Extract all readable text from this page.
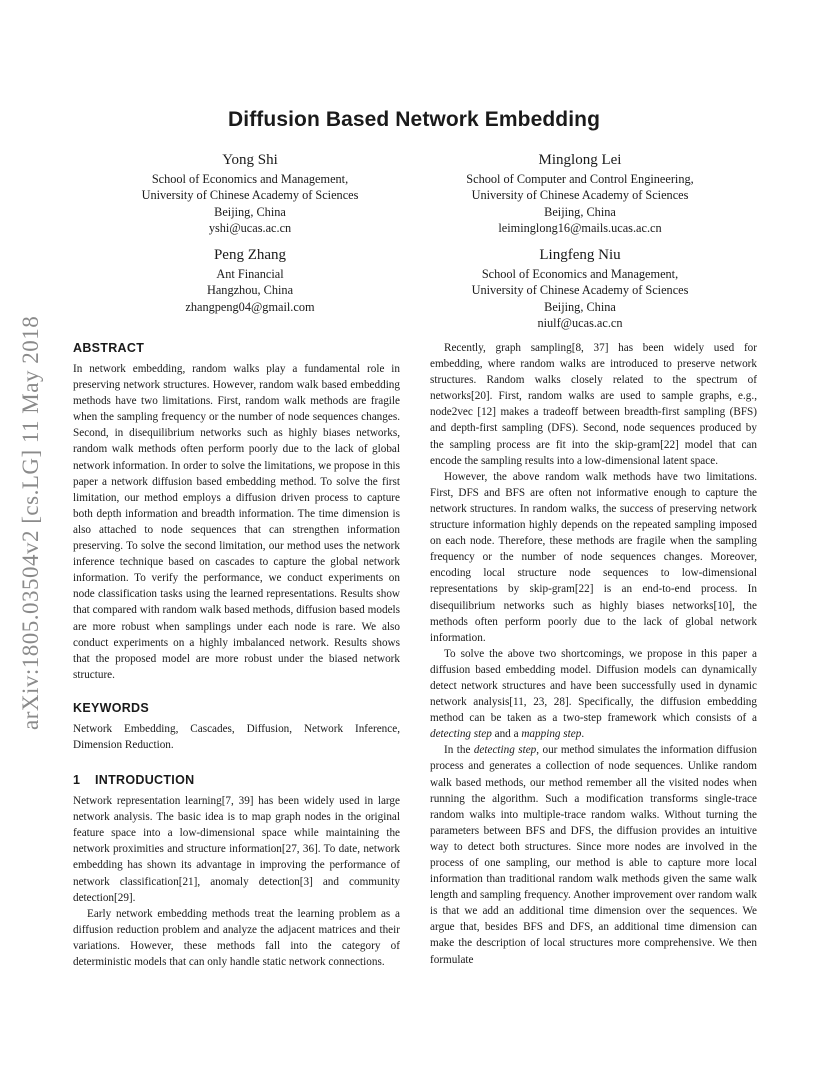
arXiv:1805.03504v2 [cs.LG] 11 May 2018
Diffusion Based Network Embedding
Yong Shi
School of Economics and Management,
University of Chinese Academy of Sciences
Beijing, China
yshi@ucas.ac.cn
Minglong Lei
School of Computer and Control Engineering,
University of Chinese Academy of Sciences
Beijing, China
leiminglong16@mails.ucas.ac.cn
Peng Zhang
Ant Financial
Hangzhou, China
zhangpeng04@gmail.com
Lingfeng Niu
School of Economics and Management,
University of Chinese Academy of Sciences
Beijing, China
niulf@ucas.ac.cn
ABSTRACT

In network embedding, random walks play a fundamental role in preserving network structures. However, random walk based embedding methods have two limitations. First, random walk methods are fragile when the sampling frequency or the number of node sequences changes. Second, in disequilibrium networks such as highly biases networks, random walk methods often perform poorly due to the lack of global network information. In order to solve the limitations, we propose in this paper a network diffusion based embedding method. To solve the first limitation, our method employs a diffusion driven process to capture both depth information and breadth information. The time dimension is also attached to node sequences that can strengthen information preserving. To solve the second limitation, our method uses the network inference technique based on cascades to capture the global network information. To verify the performance, we conduct experiments on node classification tasks using the learned representations. Results show that compared with random walk based methods, diffusion based models are more robust when samplings under each node is rare. We also conduct experiments on a highly imbalanced network. Results shows that the proposed model are more robust under the biased network structure.

KEYWORDS

Network Embedding, Cascades, Diffusion, Network Inference, Dimension Reduction.

1 INTRODUCTION

Network representation learning[7, 39] has been widely used in large network analysis. The basic idea is to map graph nodes in the original feature space into a low-dimensional space while maintaining the network proximities and structure information[27, 36]. To date, network embedding has shown its advantage in improving the performance of network classification[21], anomaly detection[3] and community detection[29].

Early network embedding methods treat the learning problem as a diffusion reduction problem and analyze the adjacent matrices and their variations. However, these methods fall into the category of deterministic models that can only handle static network connections.

Recently, graph sampling[8, 37] has been widely used for embedding, where random walks are introduced to preserve network structures. Random walks closely related to the spectrum of networks[20]. First, random walks are used to sample graphs, e.g., node2vec [12] makes a tradeoff between breadth-first sampling (BFS) and depth-first sampling (DFS). Second, node sequences produced by the sampling process are fit into the skip-gram[22] model that can encode the sampling results into a low-dimensional latent space.

However, the above random walk methods have two limitations. First, DFS and BFS are often not informative enough to capture the network structures. In random walks, the success of preserving network structure information highly depends on the repeated sampling imposed on each node. Therefore, these methods are fragile when the sampling frequency or the number of node sequences changes. Moreover, encoding local structure node sequences to low-dimensional representations by skip-gram[22] is an end-to-end process. In disequilibrium networks such as highly biases networks[10], the methods often perform poorly due to the lack of global network information.

To solve the above two shortcomings, we propose in this paper a diffusion based embedding model. Diffusion models can dynamically detect network structures and have been successfully used in dynamic network analysis[11, 23, 28]. Specifically, the diffusion embedding method can be taken as a two-step framework which consists of a detecting step and a mapping step.

In the detecting step, our method simulates the information diffusion process and generates a collection of node sequences. Unlike random walk based methods, our method remember all the visited nodes when running the algorithm. Such a modification transforms single-trace random walks into multiple-trace random walks. Without turning the parameters between BFS and DFS, the diffusion provides an intuitive way to detect both structures. Since more nodes are involved in the process of one sampling, our method is able to capture more local information than traditional random walk methods given the same walk length and sampling frequency. Another improvement over random walk is that we add an additional time dimension over the sequences. We argue that, besides BFS and DFS, an additional time dimension can make the description of local structures more comprehensive. We then formulate
